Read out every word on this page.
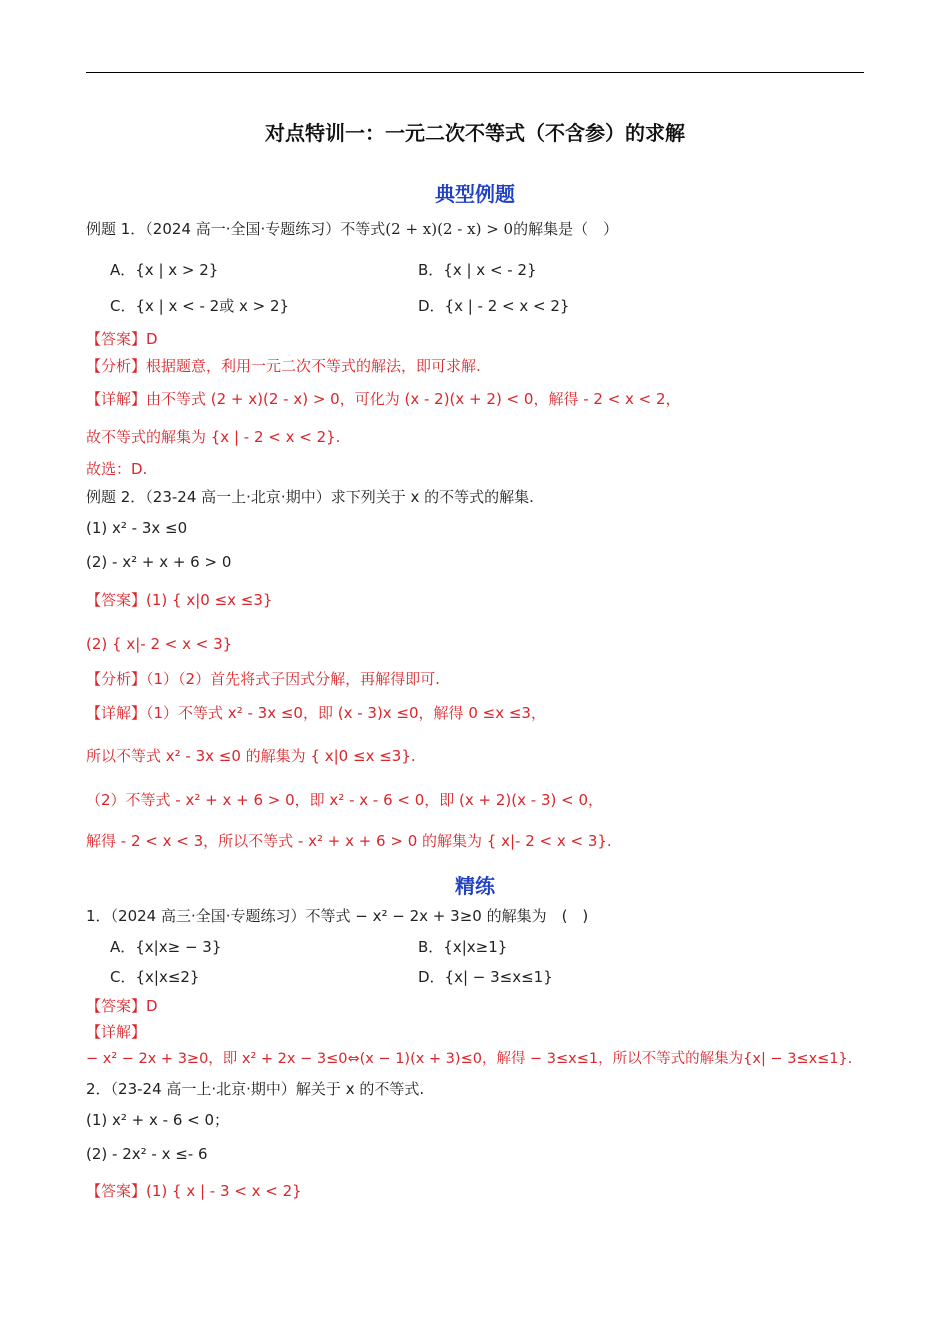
对点特训一：一元二次不等式（不含参）的求解
典型例题
例题 1．（2024 高一·全国·专题练习）不等式(2 + x)(2 - x) > 0的解集是（　）
A．{x | x > 2}	B．{x | x < - 2}
C．{x | x < - 2或 x > 2}	D．{x | - 2 < x < 2}
【答案】D
【分析】根据题意，利用一元二次不等式的解法，即可求解.
【详解】由不等式 (2 + x)(2 - x) > 0，可化为 (x - 2)(x + 2) < 0，解得 - 2 < x < 2，
故不等式的解集为 {x | - 2 < x < 2}.
故选：D.
例题 2．（23-24 高一上·北京·期中）求下列关于 x 的不等式的解集.
(1) x² - 3x ≤0
(2) - x² + x + 6 > 0
【答案】(1) { x|0 ≤x ≤3}
(2) { x|- 2 < x < 3}
【分析】（1）（2）首先将式子因式分解，再解得即可.
【详解】（1）不等式 x² - 3x ≤0，即 (x - 3)x ≤0，解得 0 ≤x ≤3，
所以不等式 x² - 3x ≤0 的解集为 { x|0 ≤x ≤3}.
（2）不等式 - x² + x + 6 > 0，即 x² - x - 6 < 0，即 (x + 2)(x - 3) < 0，
解得 - 2 < x < 3，所以不等式 - x² + x + 6 > 0 的解集为 { x|- 2 < x < 3}.
精练
1．（2024 高三·全国·专题练习）不等式 − x² − 2x + 3≥0 的解集为　(　)
A．{x|x≥ − 3}	B．{x|x≥1}
C．{x|x≤2}	D．{x| − 3≤x≤1}
【答案】D
【详解】
− x² − 2x + 3≥0，即 x² + 2x − 3≤0⇔(x − 1)(x + 3)≤0，解得 − 3≤x≤1，所以不等式的解集为{x| − 3≤x≤1}.
2．（23-24 高一上·北京·期中）解关于 x 的不等式.
(1) x² + x - 6 < 0；
(2) - 2x² - x ≤- 6
【答案】(1) { x | - 3 < x < 2}
